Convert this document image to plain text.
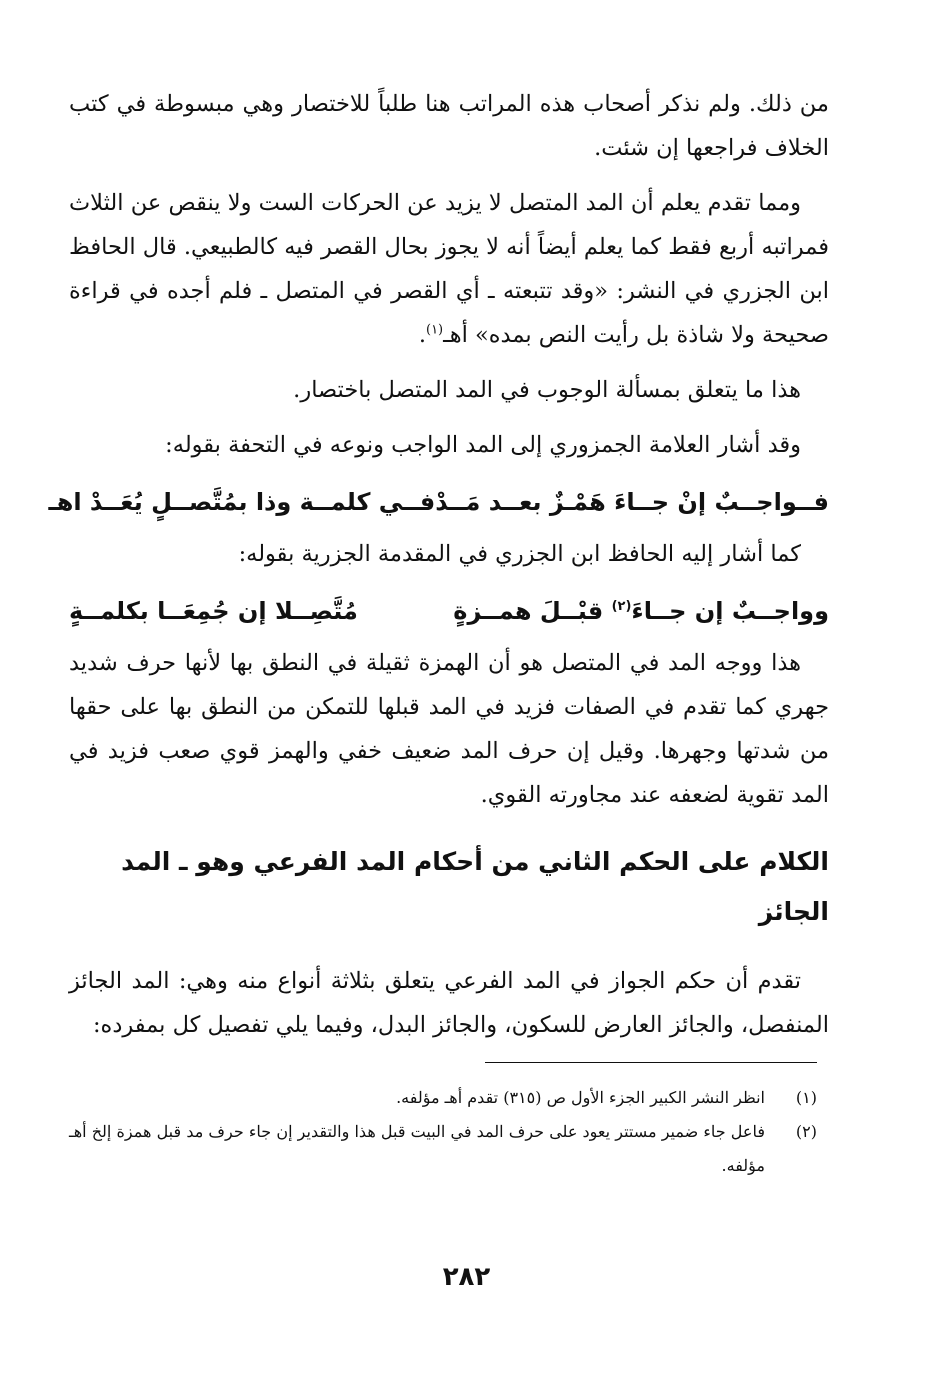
من ذلك. ولم نذكر أصحاب هذه المراتب هنا طلباً للاختصار وهي مبسوطة في كتب الخلاف فراجعها إن شئت.

ومما تقدم يعلم أن المد المتصل لا يزيد عن الحركات الست ولا ينقص عن الثلاث فمراتبه أربع فقط كما يعلم أيضاً أنه لا يجوز بحال القصر فيه كالطبيعي. قال الحافظ ابن الجزري في النشر: «وقد تتبعته ـ أي القصر في المتصل ـ فلم أجده في قراءة صحيحة ولا شاذة بل رأيت النص بمده» أهـ$^{(١)}$.

هذا ما يتعلق بمسألة الوجوب في المد المتصل باختصار.

وقد أشار العلامة الجمزوري إلى المد الواجب ونوعه في التحفة بقوله:

فــواجــبٌ إنْ جــاءَ هَمْـزٌ بعــد مَــدْ
فــي كلمــة وذا بمُتَّصــلٍ يُعَــدْ اهـ

كما أشار إليه الحافظ ابن الجزري في المقدمة الجزرية بقوله:

وواجــبٌ إن جــاءَ$^{(٢)}$ قبْــلَ همــزةٍ
مُتَّصِــلا إن جُمِعَــا بكلمــةٍ

هذا ووجه المد في المتصل هو أن الهمزة ثقيلة في النطق بها لأنها حرف شديد جهري كما تقدم في الصفات فزيد في المد قبلها للتمكن من النطق بها على حقها من شدتها وجهرها. وقيل إن حرف المد ضعيف خفي والهمز قوي صعب فزيد في المد تقوية لضعفه عند مجاورته القوي.

الكلام على الحكم الثاني من أحكام المد الفرعي وهو ـ المد الجائز

تقدم أن حكم الجواز في المد الفرعي يتعلق بثلاثة أنواع منه وهي: المد الجائز المنفصل، والجائز العارض للسكون، والجائز البدل، وفيما يلي تفصيل كل بمفرده:

(١)
انظر النشر الكبير الجزء الأول ص (٣١٥) تقدم أهـ مؤلفه.
(٢)
فاعل جاء ضمير مستتر يعود على حرف المد في البيت قبل هذا والتقدير إن جاء حرف مد قبل همزة إلخ أهـ مؤلفه.
٢٨٢
